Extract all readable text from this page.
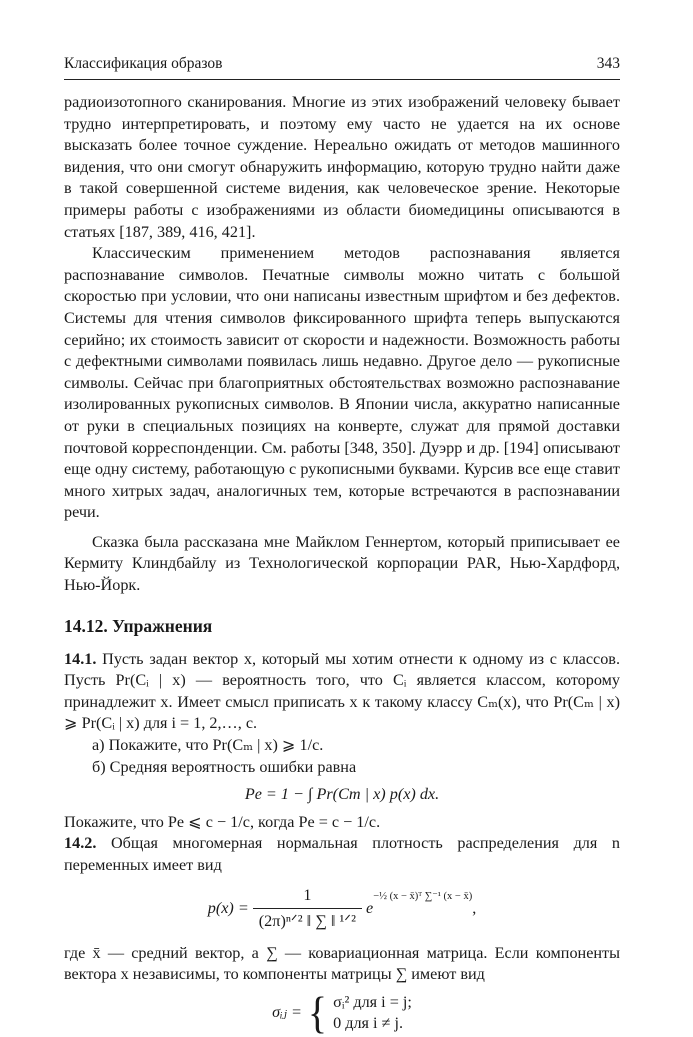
Классификация образов	343

радиоизотопного сканирования. Многие из этих изображений человеку бывает трудно интерпретировать, и поэтому ему часто не удается на их основе высказать более точное суждение. Нереально ожидать от методов машинного видения, что они смогут обнаружить информацию, которую трудно найти даже в такой совершенной системе видения, как человеческое зрение. Некоторые примеры работы с изображениями из области биомедицины описываются в статьях [187, 389, 416, 421].

Классическим применением методов распознавания является распознавание символов. Печатные символы можно читать с большой скоростью при условии, что они написаны известным шрифтом и без дефектов. Системы для чтения символов фиксированного шрифта теперь выпускаются серийно; их стоимость зависит от скорости и надежности. Возможность работы с дефектными символами появилась лишь недавно. Другое дело — рукописные символы. Сейчас при благоприятных обстоятельствах возможно распознавание изолированных рукописных символов. В Японии числа, аккуратно написанные от руки в специальных позициях на конверте, служат для прямой доставки почтовой корреспонденции. См. работы [348, 350]. Дуэрр и др. [194] описывают еще одну систему, работающую с рукописными буквами. Курсив все еще ставит много хитрых задач, аналогичных тем, которые встречаются в распознавании речи.

Сказка была рассказана мне Майклом Геннертом, который приписывает ее Кермиту Клиндбайлу из Технологической корпорации PAR, Нью-Хардфорд, Нью-Йорк.

14.12. Упражнения

14.1. Пусть задан вектор x, который мы хотим отнести к одному из c классов. Пусть Pr(Cᵢ | x) — вероятность того, что Cᵢ является классом, которому принадлежит x. Имеет смысл приписать x к такому классу Cₘ(x), что Pr(Cₘ | x) ⩾ Pr(Cᵢ | x) для i = 1, 2,…, c.

а) Покажите, что Pr(Cₘ | x) ⩾ 1/c.

б) Средняя вероятность ошибки равна

Pe = 1 − ∫ Pr(Cm | x) p(x) dx.

Покажите, что Pe ⩽ c − 1/c, когда Pe = c − 1/c.

14.2. Общая многомерная нормальная плотность распределения для n переменных имеет вид

$p(x) = \frac{1}{\text{(2π)ⁿᐟ² ‖ ∑ ‖ ¹ᐟ²}}$ e
−½ (x − x̄)ᵀ ∑⁻¹ (x − x̄)
,

где x̄ — средний вектор, а ∑ — ковариационная матрица. Если компоненты вектора x независимы, то компоненты матрицы ∑ имеют вид

σᵢⱼ = { σᵢ² для i = j;
0 для i ≠ j.
